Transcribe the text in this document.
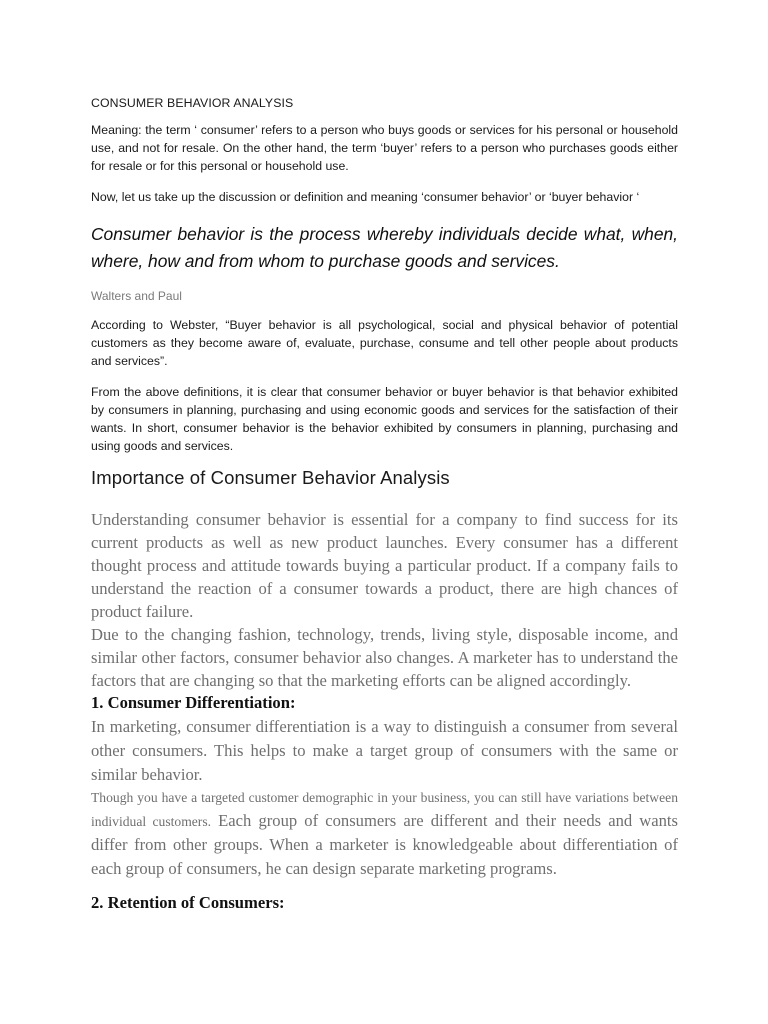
CONSUMER BEHAVIOR ANALYSIS

Meaning: the term ‘ consumer’ refers to a person who buys goods or services for his personal or household use, and not for resale. On the other hand, the term ‘buyer’ refers to a person who purchases goods either for resale or for this personal or household use.

Now, let us take up the discussion or definition and meaning ‘consumer behavior’ or ‘buyer behavior ‘

Consumer behavior is the process whereby individuals decide what, when, where, how and from whom to purchase goods and services.

Walters and Paul

According to Webster, “Buyer behavior is all psychological, social and physical behavior of potential customers as they become aware of, evaluate, purchase, consume and tell other people about products and services”.

From the above definitions, it is clear that consumer behavior or buyer behavior is that behavior exhibited by consumers in planning, purchasing and using economic goods and services for the satisfaction of their wants. In short, consumer behavior is the behavior exhibited by consumers in planning, purchasing and using goods and services.

Importance of Consumer Behavior Analysis

Understanding consumer behavior is essential for a company to find success for its current products as well as new product launches. Every consumer has a different thought process and attitude towards buying a particular product. If a company fails to understand the reaction of a consumer towards a product, there are high chances of product failure.

Due to the changing fashion, technology, trends, living style, disposable income, and similar other factors, consumer behavior also changes. A marketer has to understand the factors that are changing so that the marketing efforts can be aligned accordingly.

1. Consumer Differentiation:

In marketing, consumer differentiation is a way to distinguish a consumer from several other consumers. This helps to make a target group of consumers with the same or similar behavior.

Though you have a targeted customer demographic in your business, you can still have variations between individual customers. Each group of consumers are different and their needs and wants differ from other groups. When a marketer is knowledgeable about differentiation of each group of consumers, he can design separate marketing programs.

2. Retention of Consumers:
